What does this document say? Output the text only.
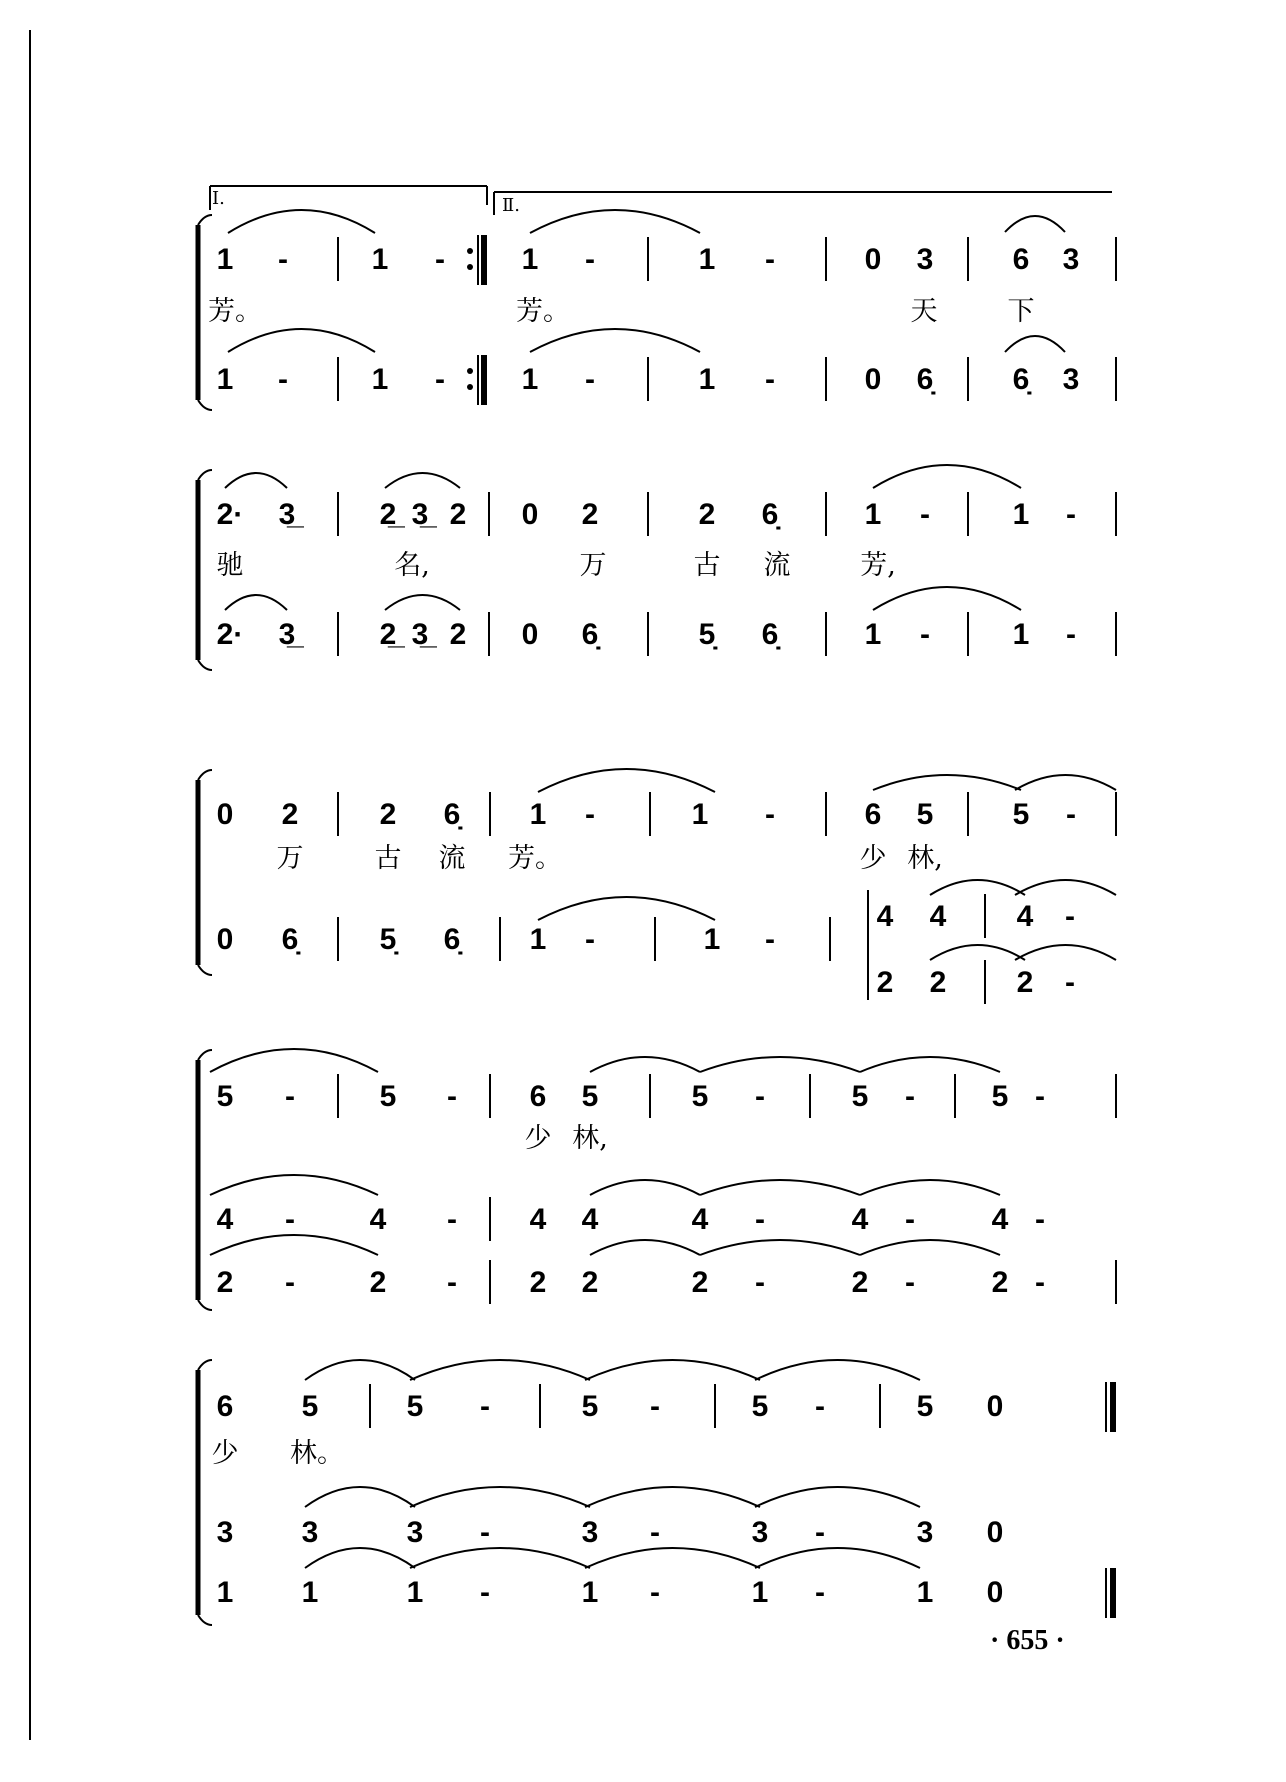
1	-	1	-	1	-	1	-	0	3	6	3
1	-	1	-	1	-	1	-	0	6̣	6̣	3
芳。	芳。	天	下
2·	3̲	2̲ 3̲ 2	0	2	2	6̣	1	-	1	-
2·	3̲	2̲ 3̲ 2	0	6̣	5̣	6̣	1	-	1	-
驰	名,	万	古 流	芳,
0	2	2	6̣	1	-	1	-	6	5	5	-
万	古 流 芳。	少 林,
0	6̣	5̣	6̣	1	-	1	-
4	4	4	-
2	2	2	-
5	-	5	-	6	5	5	-	5	-	5 -
少 林,
4	-	4	-	4	4	4	-	4	-	4 -
2	-	2	-	2	2	2	-	2	-	2 -
6	5	5	-	5	-	5	-	5	0
少 林。
3	3	3	-	3	-	3	-	3	0
1	1	1	-	1	-	1	-	1	0
Ⅰ.	Ⅱ.
· 655 ·
